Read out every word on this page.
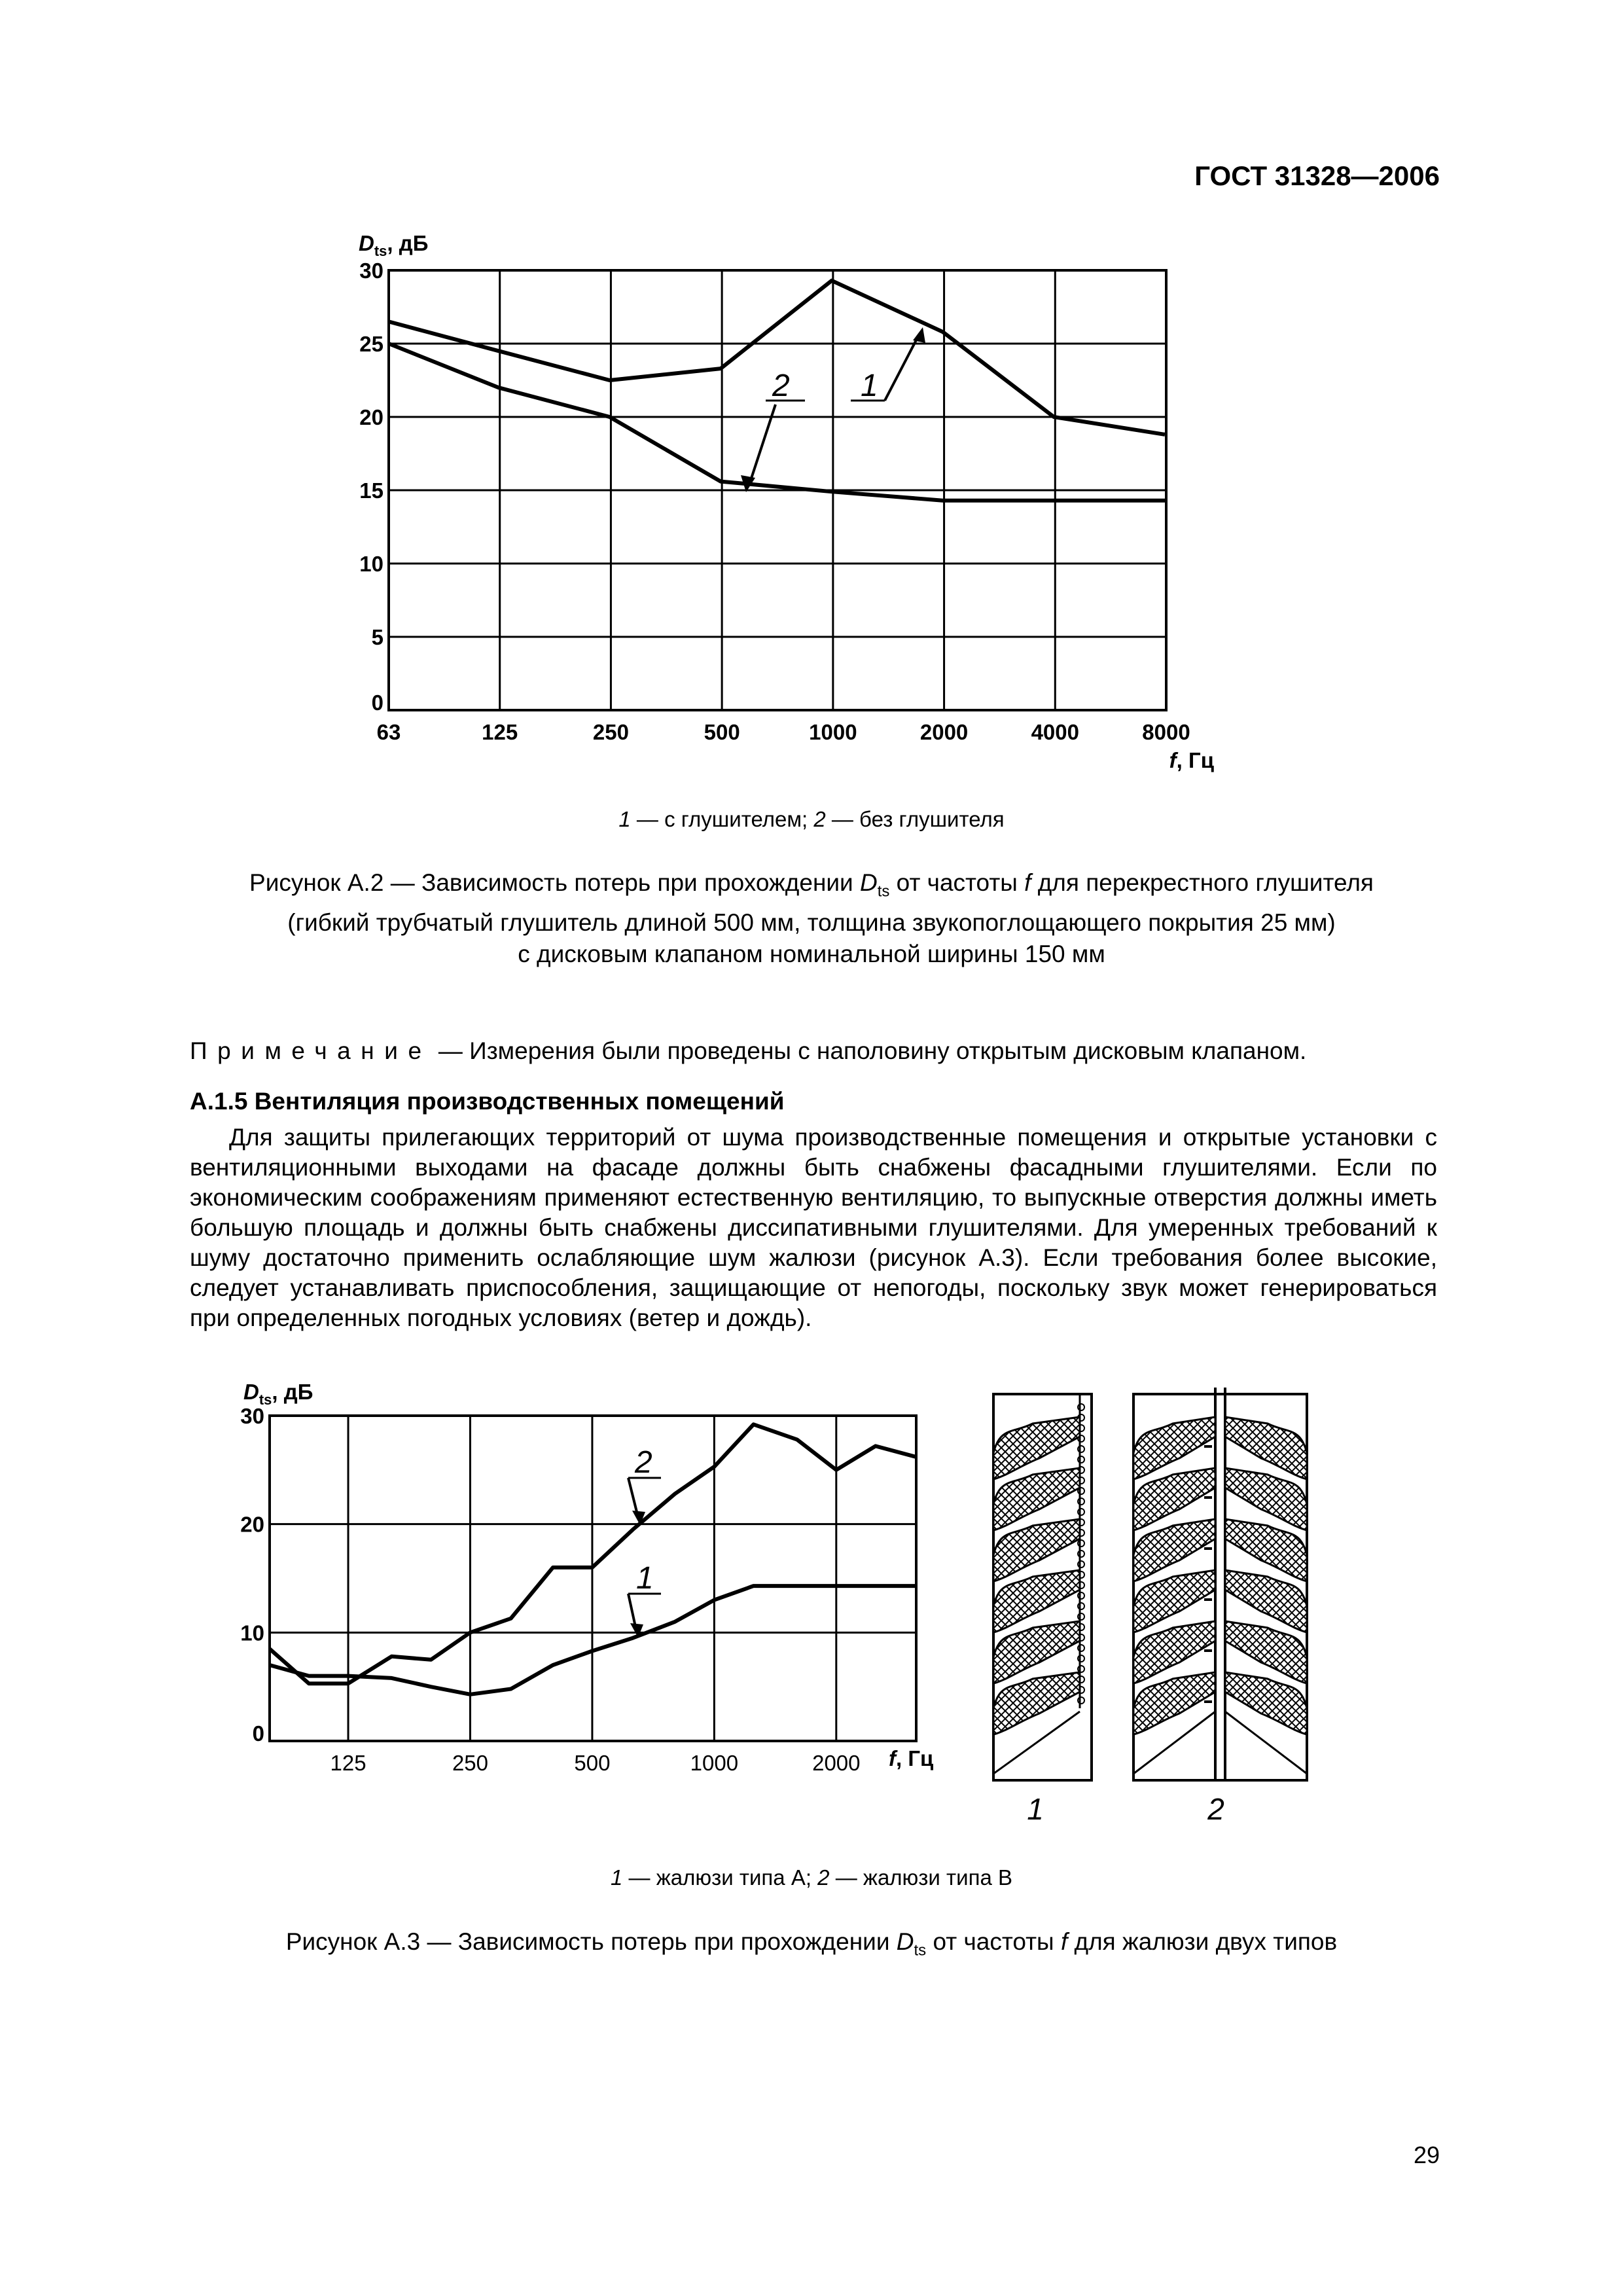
ГОСТ 31328—2006
63	125	250	500	1000	2000	4000	8000
0
5
10
15
20
25
30
$D_{ts}$, дБ
f, Гц
2 1
1 — с глушителем; 2 — без глушителя
Рисунок А.2 — Зависимость потерь при прохождении $D_{ts}$ от частоты f для перекрестного глушителя
(гибкий трубчатый глушитель длиной 500 мм, толщина звукопоглощающего покрытия 25 мм)
с дисковым клапаном номинальной ширины 150 мм
Примечание — Измерения были проведены с наполовину открытым дисковым клапаном.
А.1.5 Вентиляция производственных помещений

Для защиты прилегающих территорий от шума производственные помещения и открытые установки с вентиляционными выходами на фасаде должны быть снабжены фасадными глушителями. Если по экономическим соображениям применяют естественную вентиляцию, то выпускные отверстия должны иметь большую площадь и должны быть снабжены диссипативными глушителями. Для умеренных требований к шуму достаточно применить ослабляющие шум жалюзи (рисунок А.3). Если требования более высокие, следует устанавливать приспособления, защищающие от непогоды, поскольку звук может генерироваться при определенных погодных условиях (ветер и дождь).

125	250	500	1000	2000
0
10
20
30
$D_{ts}$, дБ
f, Гц
2
1
1	2
1 — жалюзи типа А; 2 — жалюзи типа В
Рисунок А.3 — Зависимость потерь при прохождении $D_{ts}$ от частоты f для жалюзи двух типов
29
